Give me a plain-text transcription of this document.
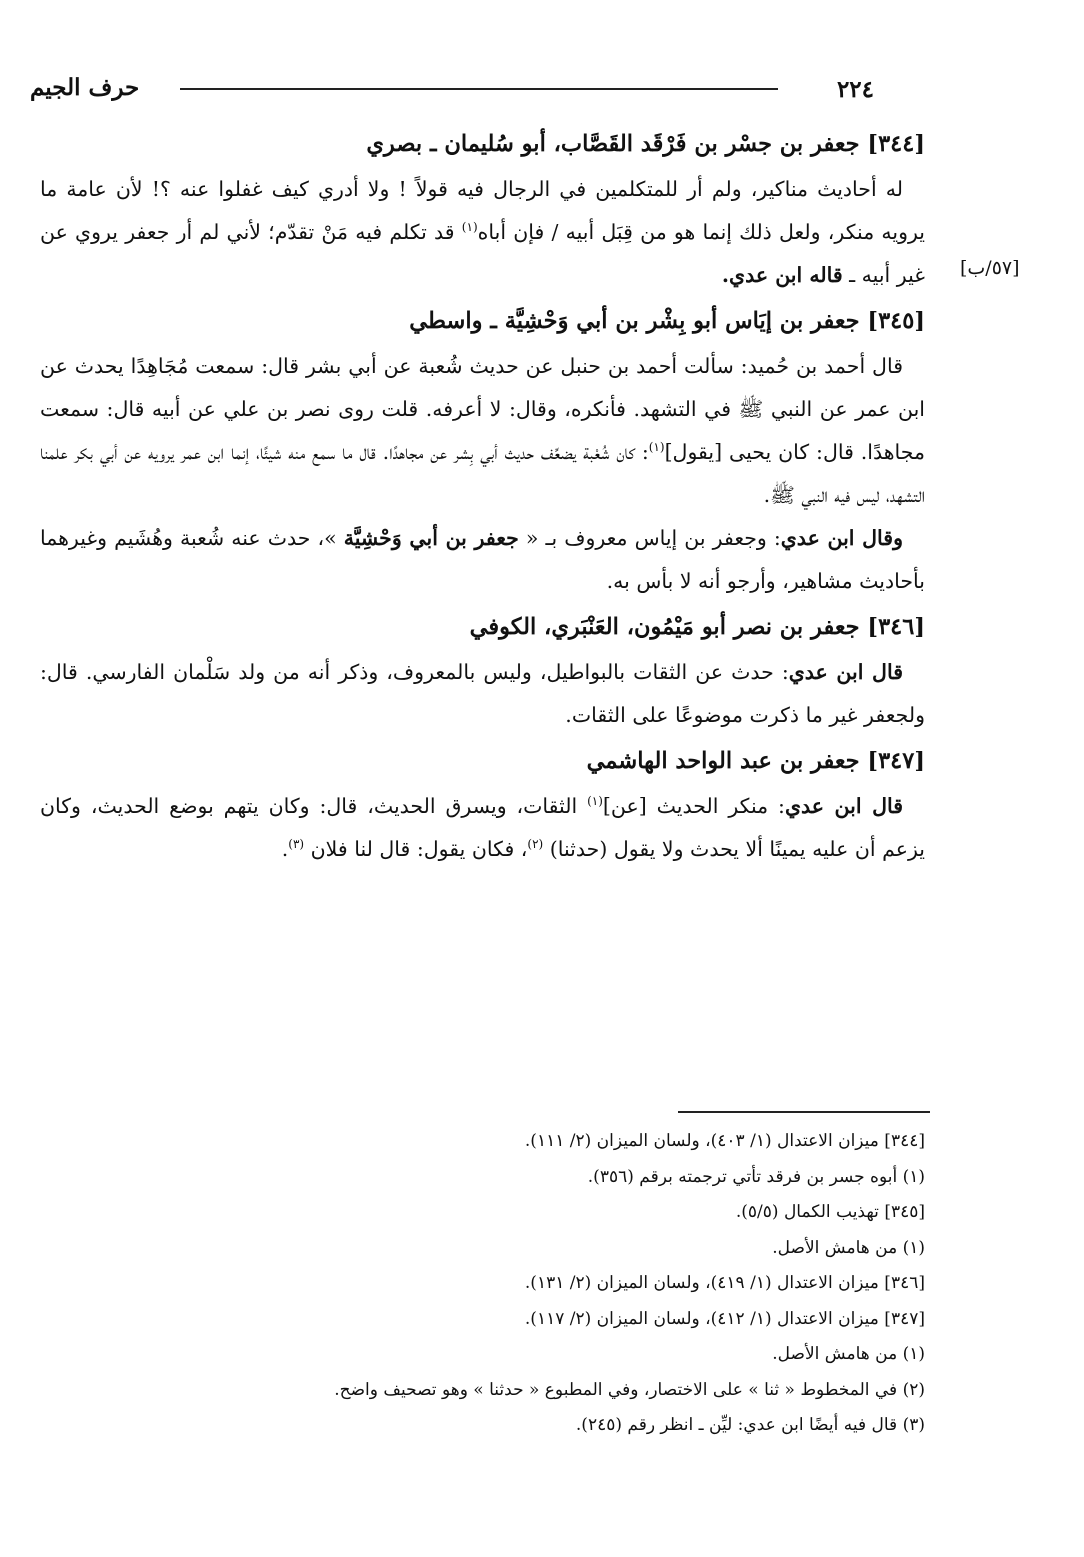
حرف الجيم	٢٢٤
[٥٧/ب]
[٣٤٤] جعفر بن جسْر بن فَرْقَد القَصَّاب، أبو سُليمان ـ بصري

له أحاديث مناكير، ولم أر للمتكلمين في الرجال فيه قولاً ! ولا أدري كيف غفلوا عنه ؟! لأن عامة ما يرويه منكر، ولعل ذلك إنما هو من قِبَل أبيه / فإن أباه$^{(١)}$ قد تكلم فيه مَنْ تقدّم؛ لأني لم أر جعفر يروي عن غير أبيه ـ قاله ابن عدي.

[٣٤٥] جعفر بن إيَاس أبو بِشْر بن أبي وَحْشِيَّة ـ واسطي

قال أحمد بن حُميد: سألت أحمد بن حنبل عن حديث شُعبة عن أبي بشر قال: سمعت مُجَاهِدًا يحدث عن ابن عمر عن النبي ﷺ في التشهد. فأنكره، وقال: لا أعرفه. قلت روى نصر بن علي عن أبيه قال: سمعت مجاهدًا. قال: كان يحيى [يقول]$^{(١)}$: كان شُعْبة يضعِّف حديث أبي بِشر عن مجاهدًا. قال ما سمع منه شيئًا، إنما ابن عمر يرويه عن أبي بكر علمنا التشهد، ليس فيه النبي ﷺ.

وقال ابن عدي: وجعفر بن إياس معروف بـ « جعفر بن أبي وَحْشِيَّة »، حدث عنه شُعبة وهُشَيم وغيرهما بأحاديث مشاهير، وأرجو أنه لا بأس به.

[٣٤٦] جعفر بن نصر أبو مَيْمُون، العَنْبَري، الكوفي

قال ابن عدي: حدث عن الثقات بالبواطيل، وليس بالمعروف، وذكر أنه من ولد سَلْمان الفارسي. قال: ولجعفر غير ما ذكرت موضوعًا على الثقات.

[٣٤٧] جعفر بن عبد الواحد الهاشمي

قال ابن عدي: منكر الحديث [عن]$^{(١)}$ الثقات، ويسرق الحديث، قال: وكان يتهم بوضع الحديث، وكان يزعم أن عليه يمينًا ألا يحدث ولا يقول (حدثنا) $^{(٢)}$، فكان يقول: قال لنا فلان $^{(٣)}$.

[٣٤٤] ميزان الاعتدال (١/ ٤٠٣)، ولسان الميزان (٢/ ١١١).
(١) أبوه جسر بن فرقد تأتي ترجمته برقم (٣٥٦).
[٣٤٥] تهذيب الكمال (٥/٥).
(١) من هامش الأصل.
[٣٤٦] ميزان الاعتدال (١/ ٤١٩)، ولسان الميزان (٢/ ١٣١).
[٣٤٧] ميزان الاعتدال (١/ ٤١٢)، ولسان الميزان (٢/ ١١٧).
(١) من هامش الأصل.
(٢) في المخطوط « ثنا » على الاختصار، وفي المطبوع « حدثنا » وهو تصحيف واضح.
(٣) قال فيه أيضًا ابن عدي: ليِّن ـ انظر رقم (٢٤٥).
